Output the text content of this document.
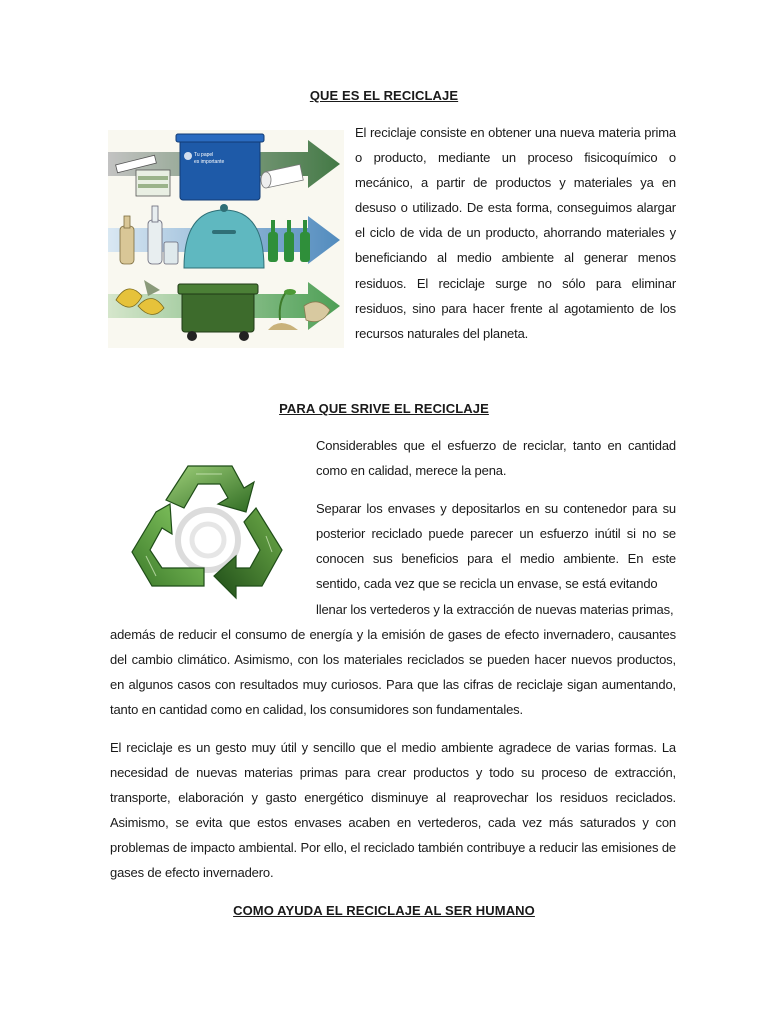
QUE ES EL RECICLAJE
Tu papel
es importante

El reciclaje consiste en obtener una nueva materia prima o producto, mediante un proceso fisicoquímico o mecánico, a partir de productos y materiales ya en desuso o utilizado. De esta forma, conseguimos alargar el ciclo de vida de un producto, ahorrando materiales y beneficiando al medio ambiente al generar menos residuos. El reciclaje surge no sólo para eliminar residuos, sino para hacer frente al agotamiento de los recursos naturales del planeta.

PARA QUE SRIVE EL RECICLAJE

Considerables que el esfuerzo de reciclar, tanto en cantidad como en calidad, merece la pena.

Separar los envases y depositarlos en su contenedor para su posterior reciclado puede parecer un esfuerzo inútil si no se conocen sus beneficios para el medio ambiente. En este sentido, cada vez que se recicla un envase, se está evitando

llenar los vertederos y la extracción de nuevas materias primas,

además de reducir el consumo de energía y la emisión de gases de efecto invernadero, causantes del cambio climático. Asimismo, con los materiales reciclados se pueden hacer nuevos productos, en algunos casos con resultados muy curiosos. Para que las cifras de reciclaje sigan aumentando, tanto en cantidad como en calidad, los consumidores son fundamentales.

El reciclaje es un gesto muy útil y sencillo que el medio ambiente agradece de varias formas. La necesidad de nuevas materias primas para crear productos y todo su proceso de extracción, transporte, elaboración y gasto energético disminuye al reaprovechar los residuos reciclados. Asimismo, se evita que estos envases acaben en vertederos, cada vez más saturados y con problemas de impacto ambiental. Por ello, el reciclado también contribuye a reducir las emisiones de gases de efecto invernadero.

COMO AYUDA EL RECICLAJE AL SER HUMANO
